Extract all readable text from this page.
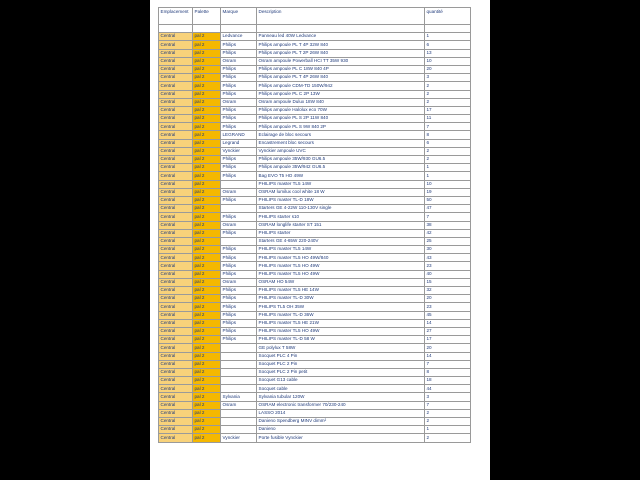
Emplacement	Palette	Marque	Description	quantité

Central	pal 2	Ledvance	Panneau led 40W Ledvance	1
Central	pal 2	Philips	Philips ampoule PL T 4P 32W 840	6
Central	pal 2	Philips	Philips ampoule PL T 2P 26W 840	13
Central	pal 2	Osram	Osram ampoule Powerball HCI TT 35W 930	10
Central	pal 2	Philips	Philips ampoule PL C 18W 840 4P	20
Central	pal 2	Philips	Philips ampoule PL T 4P 26W 840	3
Central	pal 2	Philips	Philips ampoule CDM-TD 150W/942	2
Central	pal 2	Philips	Philips ampoule PL C 2P 13W	2
Central	pal 2	Osram	Osram ampoule Dulux 18W 840	2
Central	pal 2	Philips	Philips ampoule Halolux eco 70W	17
Central	pal 2	Philips	Philips ampoule PL S 2P 11W 840	11
Central	pal 2	Philips	Philips ampoule PL S 9W 840 2P	7
Central	pal 2	LEGRAND	Eclairage de bloc secours	8
Central	pal 2	Legrand	Encastrement bloc secours	6
Central	pal 2	Vynckier	Vynckier ampoule UVC	2
Central	pal 2	Philips	Philips ampoule 35W/930 GU6.5	2
Central	pal 2	Philips	Philips ampoule 35W/942 GU6.5	1
Central	pal 2	Philips	Bag EVO T5 HO 49W	1
Central	pal 2		PHILIPS master TL5 14W	10
Central	pal 2	Osram	OSRAM lumilux cool white 18 W	19
Central	pal 2	Philips	PHILIPS master TL-D 18W	50
Central	pal 2		Starters GE 4-22W 110-130V single	47
Central	pal 2	Philips	PHILIPS starter s10	7
Central	pal 2	Osram	OSRAM longlife starter ST 151	38
Central	pal 2	Philips	PHILIPS starter	42
Central	pal 2		Starters GE 4-65W 220-240V	25
Central	pal 2	Philips	PHILIPS master TL5 14W	30
Central	pal 2	Philips	PHILIPS master TL5 HO 49W/840	43
Central	pal 2	Philips	PHILIPS master TL5 HO 49W	23
Central	pal 2	Philips	PHILIPS master TL5 HO 49W	40
Central	pal 2	Osram	OSRAM HO 54W	15
Central	pal 2	Philips	PHILIPS master TL5 HE 14W	32
Central	pal 2	Philips	PHILIPS master TL-D 30W	20
Central	pal 2	Philips	PHILIPS TL5 OH 35W	23
Central	pal 2	Philips	PHILIPS master TL-D 36W	45
Central	pal 2	Philips	PHILIPS master TL5 HE 21W	14
Central	pal 2	Philips	PHILIPS master TL5 HO 49W	27
Central	pal 2	Philips	PHILIPS master TL-D 58 W	17
Central	pal 2		GE polylux T 58W	20
Central	pal 2		Socquet PLC 4 Pin	14
Central	pal 2		Socquet PLC 2 Pin	7
Central	pal 2		Socquet PLC 2 Pin petit	8
Central	pal 2		Socquet G13 cable	18
Central	pal 2		Socquet cable	44
Central	pal 2	Sylvania	Sylvania tubular 120W	3
Central	pal 2	Osram	OSRAM electronic transformer 70/230-240	7
Central	pal 2		LASSO 2014	2
Central	pal 2		Danieno Spendberg MINV dimm²	2
Central	pal 2		Danieno	1
Central	pal 2	Vynckier	Porte fusible Vynckier	2
